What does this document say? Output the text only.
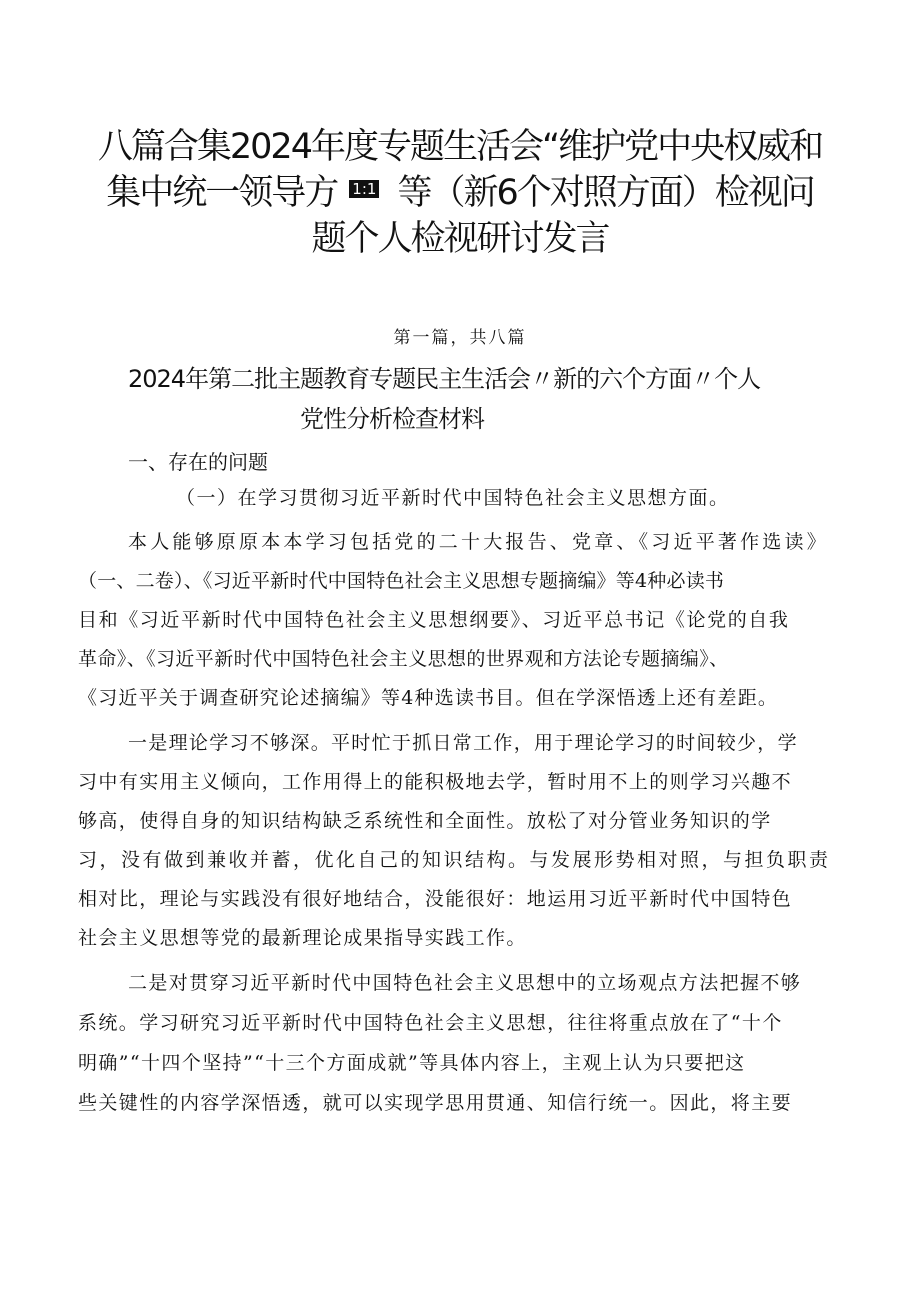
八篇合集2024年度专题生活会“维护党中央权威和
集中统一领导方 1:1 等（新6个对照方面）检视问
题个人检视研讨发言
第一篇，共八篇
2024年第二批主题教育专题民主生活会〃新的六个方面〃个人
党性分析检查材料
一、存在的问题
（一）在学习贯彻习近平新时代中国特色社会主义思想方面。
本人能够原原本本学习包括党的二十大报告、党章、《习近平著作选读》
（一、二卷）、《习近平新时代中国特色社会主义思想专题摘编》等4种必读书
目和《习近平新时代中国特色社会主义思想纲要》、习近平总书记《论党的自我
革命》、《习近平新时代中国特色社会主义思想的世界观和方法论专题摘编》、
《习近平关于调查研究论述摘编》等4种选读书目。但在学深悟透上还有差距。
一是理论学习不够深。平时忙于抓日常工作，用于理论学习的时间较少，学
习中有实用主义倾向，工作用得上的能积极地去学，暂时用不上的则学习兴趣不
够高，使得自身的知识结构缺乏系统性和全面性。放松了对分管业务知识的学
习，没有做到兼收并蓄，优化自己的知识结构。与发展形势相对照，与担负职责
相对比，理论与实践没有很好地结合，没能很好：地运用习近平新时代中国特色
社会主义思想等党的最新理论成果指导实践工作。
二是对贯穿习近平新时代中国特色社会主义思想中的立场观点方法把握不够
系统。学习研究习近平新时代中国特色社会主义思想，往往将重点放在了“十个
明确”“十四个坚持”“十三个方面成就”等具体内容上，主观上认为只要把这
些关键性的内容学深悟透，就可以实现学思用贯通、知信行统一。因此，将主要
